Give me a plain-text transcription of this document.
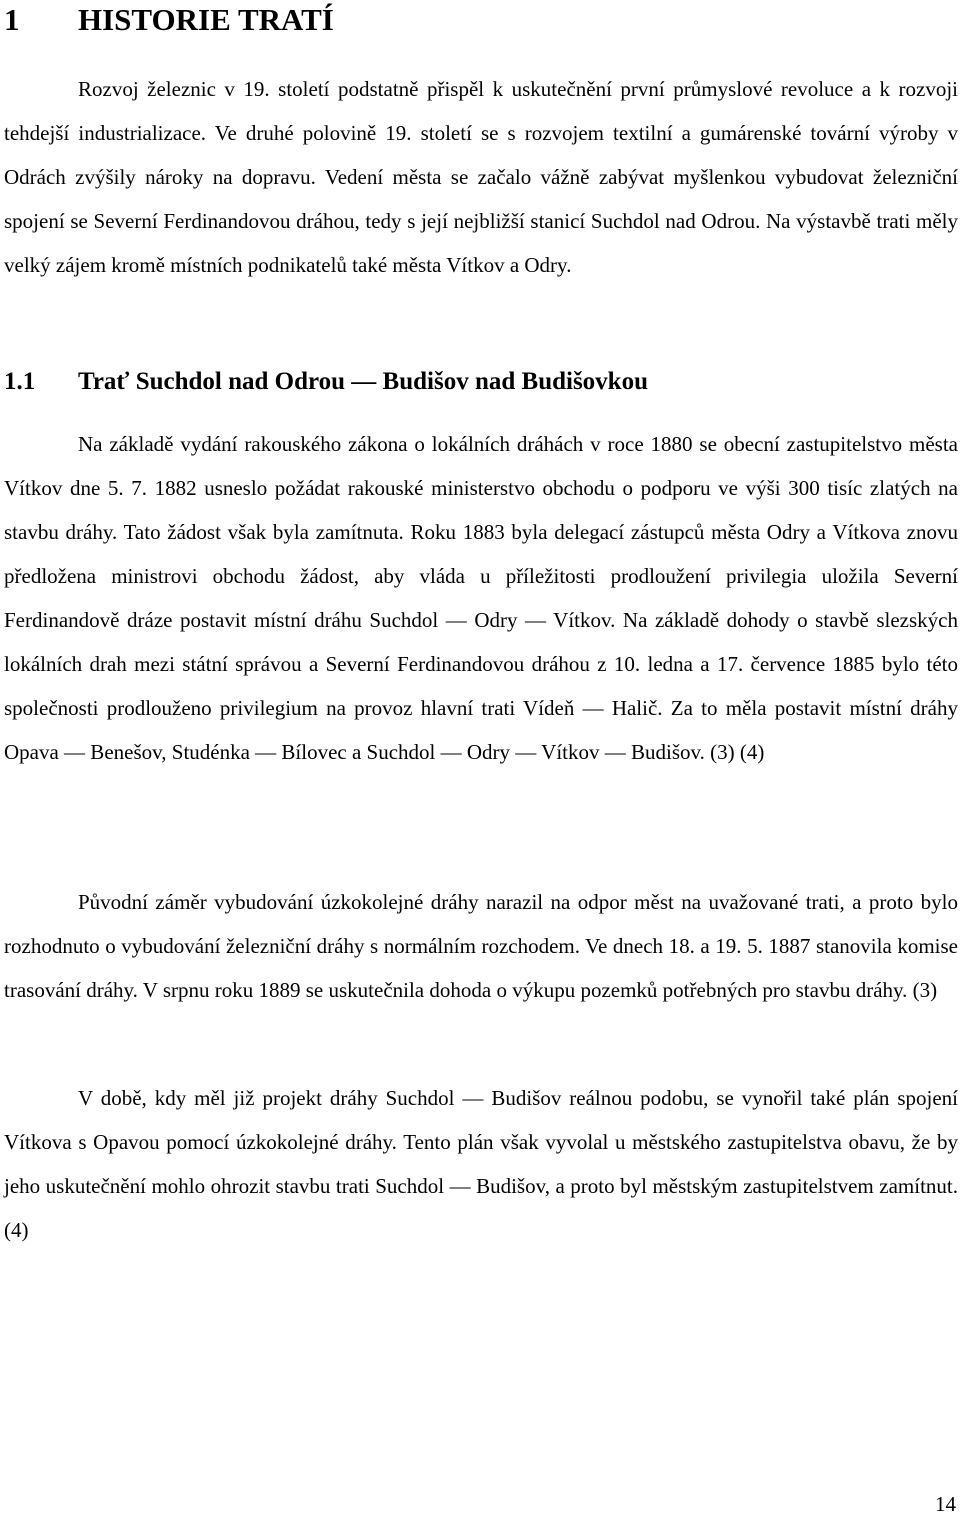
1 HISTORIE TRATÍ

Rozvoj železnic v 19. století podstatně přispěl k uskutečnění první průmyslové revoluce a k rozvoji tehdejší industrializace. Ve druhé polovině 19. století se s rozvojem textilní a gumárenské tovární výroby v Odrách zvýšily nároky na dopravu. Vedení města se začalo vážně zabývat myšlenkou vybudovat železniční spojení se Severní Ferdinandovou dráhou, tedy s její nejbližší stanicí Suchdol nad Odrou. Na výstavbě trati měly velký zájem kromě místních podnikatelů také města Vítkov a Odry.

1.1 Trať Suchdol nad Odrou — Budišov nad Budišovkou

Na základě vydání rakouského zákona o lokálních dráhách v roce 1880 se obecní zastupitelstvo města Vítkov dne 5. 7. 1882 usneslo požádat rakouské ministerstvo obchodu o podporu ve výši 300 tisíc zlatých na stavbu dráhy. Tato žádost však byla zamítnuta. Roku 1883 byla delegací zástupců města Odry a Vítkova znovu předložena ministrovi obchodu žádost, aby vláda u příležitosti prodloužení privilegia uložila Severní Ferdinandově dráze postavit místní dráhu Suchdol — Odry — Vítkov. Na základě dohody o stavbě slezských lokálních drah mezi státní správou a Severní Ferdinandovou dráhou z 10. ledna a 17. července 1885 bylo této společnosti prodlouženo privilegium na provoz hlavní trati Vídeň — Halič. Za to měla postavit místní dráhy Opava — Benešov, Studénka — Bílovec a Suchdol — Odry — Vítkov — Budišov. (3) (4)

Původní záměr vybudování úzkokolejné dráhy narazil na odpor měst na uvažované trati, a proto bylo rozhodnuto o vybudování železniční dráhy s normálním rozchodem. Ve dnech 18. a 19. 5. 1887 stanovila komise trasování dráhy. V srpnu roku 1889 se uskutečnila dohoda o výkupu pozemků potřebných pro stavbu dráhy. (3)

V době, kdy měl již projekt dráhy Suchdol — Budišov reálnou podobu, se vynořil také plán spojení Vítkova s Opavou pomocí úzkokolejné dráhy. Tento plán však vyvolal u městského zastupitelstva obavu, že by jeho uskutečnění mohlo ohrozit stavbu trati Suchdol — Budišov, a proto byl městským zastupitelstvem zamítnut. (4)

14
